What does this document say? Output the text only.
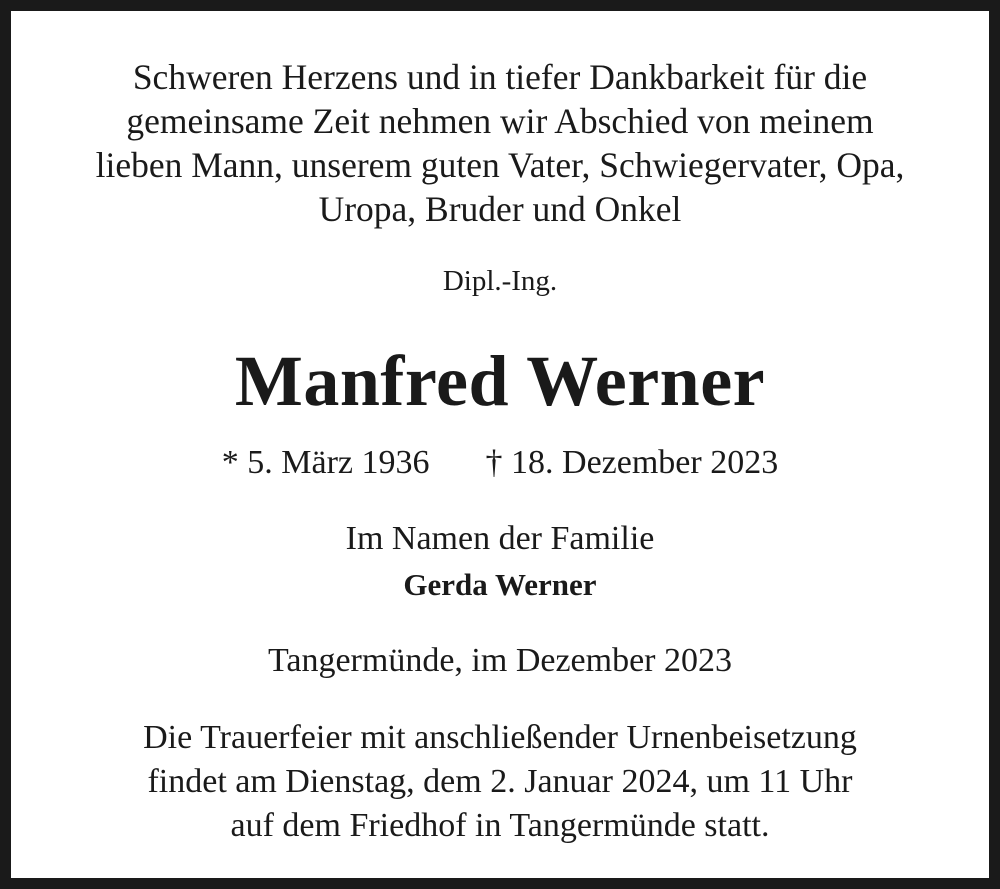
Schweren Herzens und in tiefer Dankbarkeit für die
gemeinsame Zeit nehmen wir Abschied von meinem
lieben Mann, unserem guten Vater, Schwiegervater, Opa,
Uropa, Bruder und Onkel
Dipl.-Ing.
Manfred Werner
* 5. März 1936 † 18. Dezember 2023
Im Namen der Familie
Gerda Werner
Tangermünde, im Dezember 2023
Die Trauerfeier mit anschließender Urnenbeisetzung
findet am Dienstag, dem 2. Januar 2024, um 11 Uhr
auf dem Friedhof in Tangermünde statt.
